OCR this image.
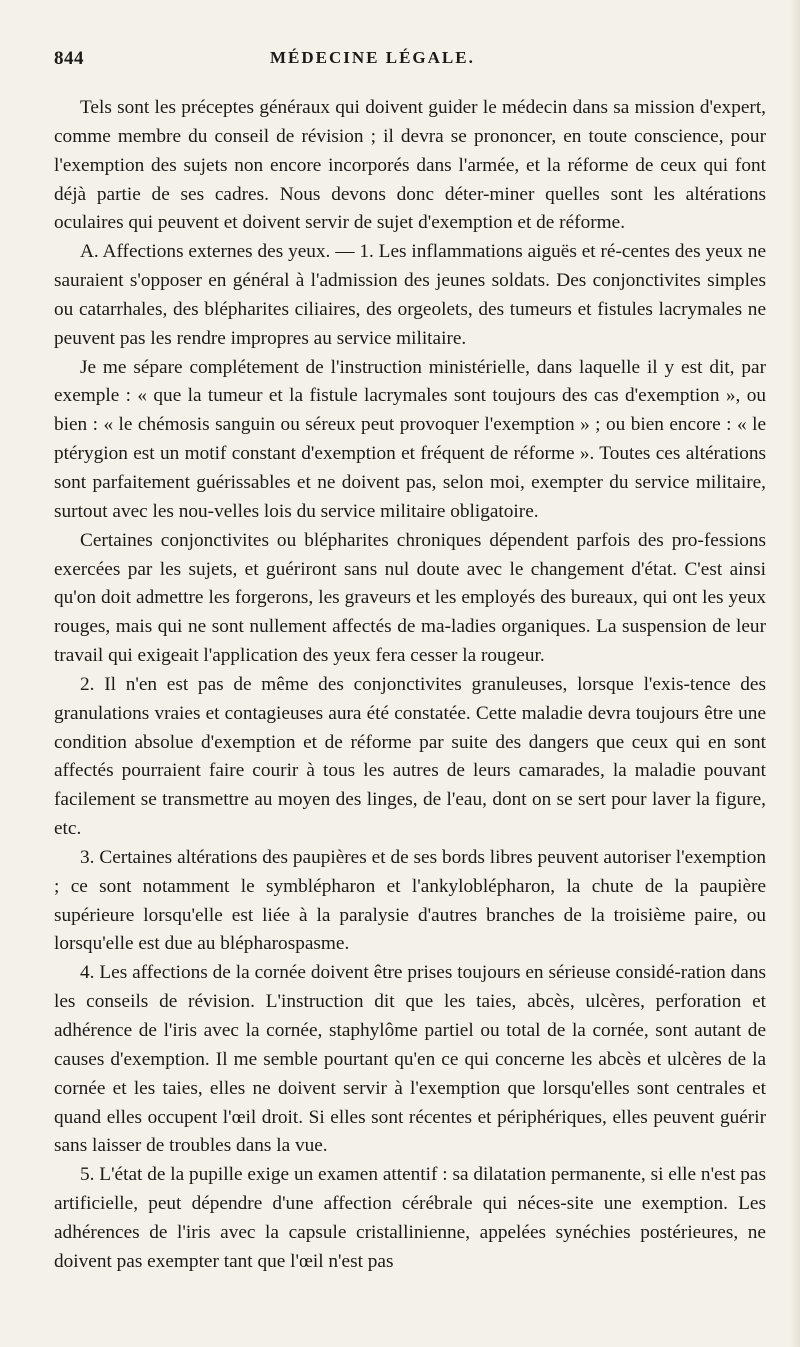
844	MÉDECINE LÉGALE.

Tels sont les préceptes généraux qui doivent guider le médecin dans sa mission d'expert, comme membre du conseil de révision ; il devra se prononcer, en toute conscience, pour l'exemption des sujets non encore incorporés dans l'armée, et la réforme de ceux qui font déjà partie de ses cadres. Nous devons donc déter-miner quelles sont les altérations oculaires qui peuvent et doivent servir de sujet d'exemption et de réforme.

A. Affections externes des yeux. — 1. Les inflammations aiguës et ré-centes des yeux ne sauraient s'opposer en général à l'admission des jeunes soldats. Des conjonctivites simples ou catarrhales, des blépharites ciliaires, des orgeolets, des tumeurs et fistules lacrymales ne peuvent pas les rendre impropres au service militaire.

Je me sépare complétement de l'instruction ministérielle, dans laquelle il y est dit, par exemple : « que la tumeur et la fistule lacrymales sont toujours des cas d'exemption », ou bien : « le chémosis sanguin ou séreux peut provoquer l'exemption » ; ou bien encore : « le ptérygion est un motif constant d'exemption et fréquent de réforme ». Toutes ces altérations sont parfaitement guérissables et ne doivent pas, selon moi, exempter du service militaire, surtout avec les nou-velles lois du service militaire obligatoire.

Certaines conjonctivites ou blépharites chroniques dépendent parfois des pro-fessions exercées par les sujets, et guériront sans nul doute avec le changement d'état. C'est ainsi qu'on doit admettre les forgerons, les graveurs et les employés des bureaux, qui ont les yeux rouges, mais qui ne sont nullement affectés de ma-ladies organiques. La suspension de leur travail qui exigeait l'application des yeux fera cesser la rougeur.

2. Il n'en est pas de même des conjonctivites granuleuses, lorsque l'exis-tence des granulations vraies et contagieuses aura été constatée. Cette maladie devra toujours être une condition absolue d'exemption et de réforme par suite des dangers que ceux qui en sont affectés pourraient faire courir à tous les autres de leurs camarades, la maladie pouvant facilement se transmettre au moyen des linges, de l'eau, dont on se sert pour laver la figure, etc.

3. Certaines altérations des paupières et de ses bords libres peuvent autoriser l'exemption ; ce sont notamment le symblépharon et l'ankyloblépharon, la chute de la paupière supérieure lorsqu'elle est liée à la paralysie d'autres branches de la troisième paire, ou lorsqu'elle est due au blépharospasme.

4. Les affections de la cornée doivent être prises toujours en sérieuse considé-ration dans les conseils de révision. L'instruction dit que les taies, abcès, ulcères, perforation et adhérence de l'iris avec la cornée, staphylôme partiel ou total de la cornée, sont autant de causes d'exemption. Il me semble pourtant qu'en ce qui concerne les abcès et ulcères de la cornée et les taies, elles ne doivent servir à l'exemption que lorsqu'elles sont centrales et quand elles occupent l'œil droit. Si elles sont récentes et périphériques, elles peuvent guérir sans laisser de troubles dans la vue.

5. L'état de la pupille exige un examen attentif : sa dilatation permanente, si elle n'est pas artificielle, peut dépendre d'une affection cérébrale qui néces-site une exemption. Les adhérences de l'iris avec la capsule cristallinienne, appelées synéchies postérieures, ne doivent pas exempter tant que l'œil n'est pas
